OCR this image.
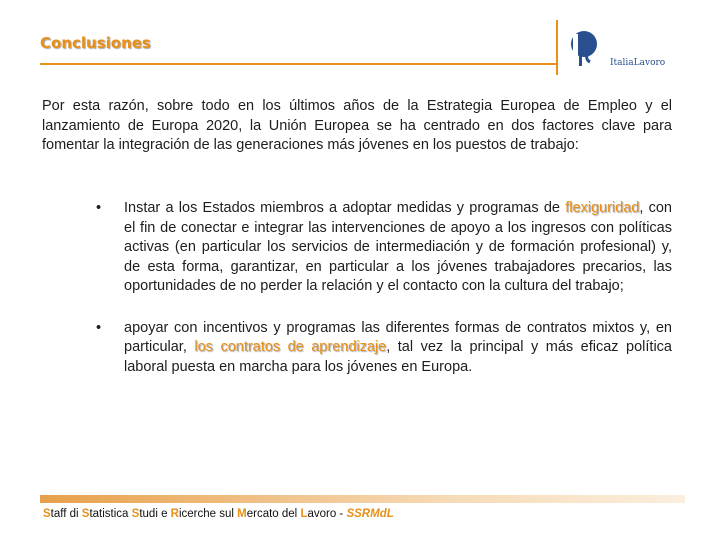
Conclusiones
ItaliaLavoro
Por esta razón, sobre todo en los últimos años de la Estrategia Europea de Empleo y el lanzamiento de Europa 2020, la Unión Europea se ha centrado en dos factores clave para fomentar la integración de las generaciones más jóvenes en los puestos de trabajo:
• Instar a los Estados miembros a adoptar medidas y programas de flexiguridad, con el fin de conectar e integrar las intervenciones de apoyo a los ingresos con políticas activas (en particular los servicios de intermediación y de formación profesional) y, de esta forma, garantizar, en particular a los jóvenes trabajadores precarios, las oportunidades de no perder la relación y el contacto con la cultura del trabajo;
• apoyar con incentivos y programas las diferentes formas de contratos mixtos y, en particular, los contratos de aprendizaje, tal vez la principal y más eficaz política laboral puesta en marcha para los jóvenes en Europa.
Staff di Statistica Studi e Ricerche sul Mercato del Lavoro - SSRMdL
